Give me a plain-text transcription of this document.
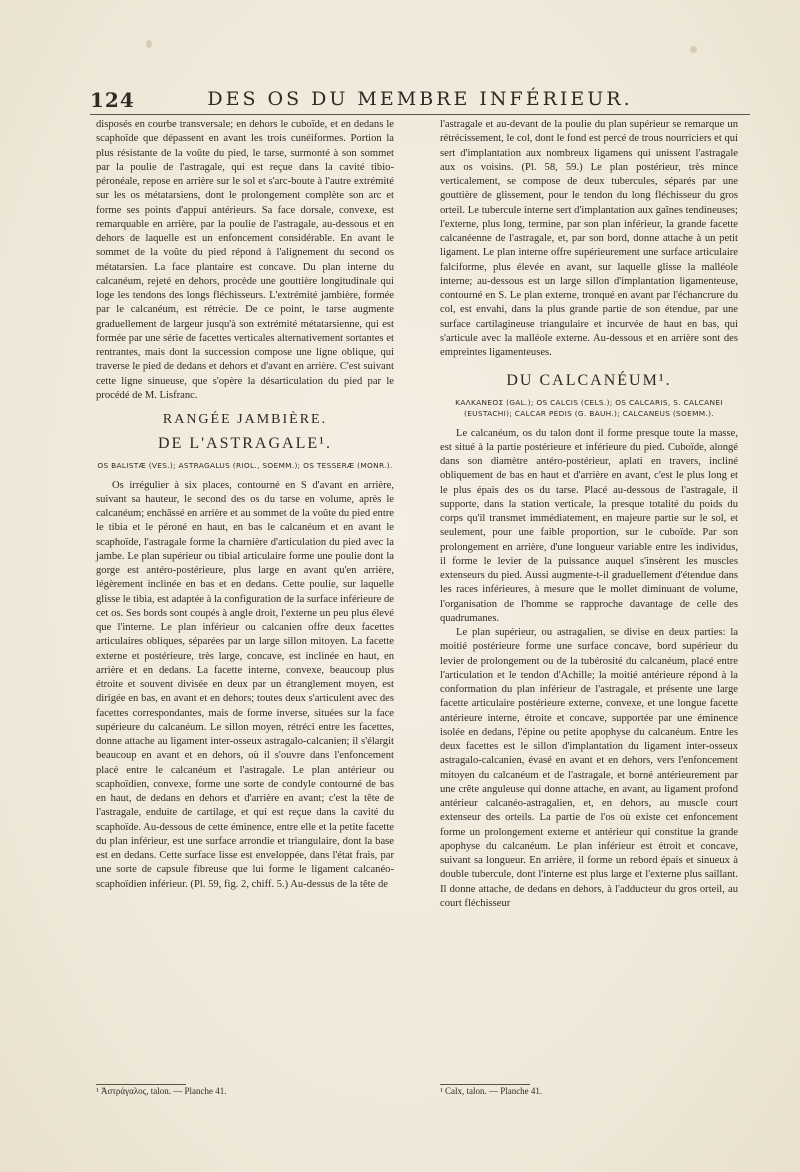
124	DES OS DU MEMBRE INFÉRIEUR.

disposés en courbe transversale; en dehors le cuboïde, et en dedans le scaphoïde que dépassent en avant les trois cunéiformes. Portion la plus résistante de la voûte du pied, le tarse, surmonté à son sommet par la poulie de l'astragale, qui est reçue dans la cavité tibio-péronéale, repose en arrière sur le sol et s'arc-boute à l'autre extrémité sur les os métatarsiens, dont le prolongement complète son arc et forme ses points d'appui antérieurs. Sa face dorsale, convexe, est remarquable en arrière, par la poulie de l'astragale, au-dessous et en dehors de laquelle est un enfoncement considérable. En avant le sommet de la voûte du pied répond à l'alignement du second os métatarsien. La face plantaire est concave. Du plan interne du calcanéum, rejeté en dehors, procède une gouttière longitudinale qui loge les tendons des longs fléchisseurs. L'extrémité jambière, formée par le calcanéum, est rétrécie. De ce point, le tarse augmente graduellement de largeur jusqu'à son extrémité métatarsienne, qui est formée par une série de facettes verticales alternativement sortantes et rentrantes, mais dont la succession compose une ligne oblique, qui traverse le pied de dedans et dehors et d'avant en arrière. C'est suivant cette ligne sinueuse, que s'opère la désarticulation du pied par le procédé de M. Lisfranc.

RANGÉE JAMBIÈRE.
DE L'ASTRAGALE¹.
OS BALISTÆ (VES.); ASTRAGALUS (RIOL., SOEMM.); OS TESSERÆ (MONR.).

Os irrégulier à six places, contourné en S d'avant en arrière, suivant sa hauteur, le second des os du tarse en volume, après le calcanéum; enchâssé en arrière et au sommet de la voûte du pied entre le tibia et le péroné en haut, en bas le calcanéum et en avant le scaphoïde, l'astragale forme la charnière d'articulation du pied avec la jambe. Le plan supérieur ou tibial articulaire forme une poulie dont la gorge est antéro-postérieure, plus large en avant qu'en arrière, légèrement inclinée en bas et en dedans. Cette poulie, sur laquelle glisse le tibia, est adaptée à la configuration de la surface inférieure de cet os. Ses bords sont coupés à angle droit, l'externe un peu plus élevé que l'interne. Le plan inférieur ou calcanien offre deux facettes articulaires obliques, séparées par un large sillon mitoyen. La facette externe et postérieure, très large, concave, est inclinée en haut, en arrière et en dedans. La facette interne, convexe, beaucoup plus étroite et souvent divisée en deux par un étranglement moyen, est dirigée en bas, en avant et en dehors; toutes deux s'articulent avec des facettes correspondantes, mais de forme inverse, situées sur la face supérieure du calcanéum. Le sillon moyen, rétréci entre les facettes, donne attache au ligament inter-osseux astragalo-calcanien; il s'élargit beaucoup en avant et en dehors, où il s'ouvre dans l'enfoncement placé entre le calcanéum et l'astragale. Le plan antérieur ou scaphoïdien, convexe, forme une sorte de condyle contourné de bas en haut, de dedans en dehors et d'arrière en avant; c'est la tête de l'astragale, enduite de cartilage, et qui est reçue dans la cavité du scaphoïde. Au-dessous de cette éminence, entre elle et la petite facette du plan inférieur, est une surface arrondie et triangulaire, dont la base est en dedans. Cette surface lisse est enveloppée, dans l'état frais, par une sorte de capsule fibreuse que lui forme le ligament calcanéo-scaphoïdien inférieur. (Pl. 59, fig. 2, chiff. 5.) Au-dessus de la tête de

l'astragale et au-devant de la poulie du plan supérieur se remarque un rétrécissement, le col, dont le fond est percé de trous nourriciers et qui sert d'implantation aux nombreux ligamens qui unissent l'astragale aux os voisins. (Pl. 58, 59.) Le plan postérieur, très mince verticalement, se compose de deux tubercules, séparés par une gouttière de glissement, pour le tendon du long fléchisseur du gros orteil. Le tubercule interne sert d'implantation aux gaînes tendineuses; l'externe, plus long, termine, par son plan inférieur, la grande facette calcanéenne de l'astragale, et, par son bord, donne attache à un petit ligament. Le plan interne offre supérieurement une surface articulaire falciforme, plus élevée en avant, sur laquelle glisse la malléole interne; au-dessous est un large sillon d'implantation ligamenteuse, contourné en S. Le plan externe, tronqué en avant par l'échancrure du col, est envahi, dans la plus grande partie de son étendue, par une surface cartilagineuse triangulaire et incurvée de haut en bas, qui s'articule avec la malléole externe. Au-dessous et en arrière sont des empreintes ligamenteuses.

DU CALCANÉUM¹.
ΚΑΛΚΑΝΕΟΣ (GAL.); OS CALCIS (CELS.); OS CALCARIS, S. CALCANEI (EUSTACHI); CALCAR PEDIS (G. BAUH.); CALCANEUS (SOEMM.).

Le calcanéum, os du talon dont il forme presque toute la masse, est situé à la partie postérieure et inférieure du pied. Cuboïde, alongé dans son diamètre antéro-postérieur, aplati en travers, incliné obliquement de bas en haut et d'arrière en avant, c'est le plus long et le plus épais des os du tarse. Placé au-dessous de l'astragale, il supporte, dans la station verticale, la presque totalité du poids du corps qu'il transmet immédiatement, en majeure partie sur le sol, et seulement, pour une faible proportion, sur le cuboïde. Par son prolongement en arrière, d'une longueur variable entre les individus, il forme le levier de la puissance auquel s'insèrent les muscles extenseurs du pied. Aussi augmente-t-il graduellement d'étendue dans les races inférieures, à mesure que le mollet diminuant de volume, l'organisation de l'homme se rapproche davantage de celle des quadrumanes.

Le plan supérieur, ou astragalien, se divise en deux parties: la moitié postérieure forme une surface concave, bord supérieur du levier de prolongement ou de la tubérosité du calcanéum, placé entre l'articulation et le tendon d'Achille; la moitié antérieure répond à la conformation du plan inférieur de l'astragale, et présente une large facette articulaire postérieure externe, convexe, et une longue facette antérieure interne, étroite et concave, supportée par une éminence isolée en dedans, l'épine ou petite apophyse du calcanéum. Entre les deux facettes est le sillon d'implantation du ligament inter-osseux astragalo-calcanien, évasé en avant et en dehors, vers l'enfoncement mitoyen du calcanéum et de l'astragale, et borné antérieurement par une crête anguleuse qui donne attache, en avant, au ligament profond antérieur calcanéo-astragalien, et, en dehors, au muscle court extenseur des orteils. La partie de l'os où existe cet enfoncement forme un prolongement externe et antérieur qui constitue la grande apophyse du calcanéum. Le plan inférieur est étroit et concave, suivant sa longueur. En arrière, il forme un rebord épais et sinueux à double tubercule, dont l'interne est plus large et l'externe plus saillant. Il donne attache, de dedans en dehors, à l'adducteur du gros orteil, au court fléchisseur

¹ Ἀστράγαλος, talon. — Planche 41.	¹ Calx, talon. — Planche 41.
